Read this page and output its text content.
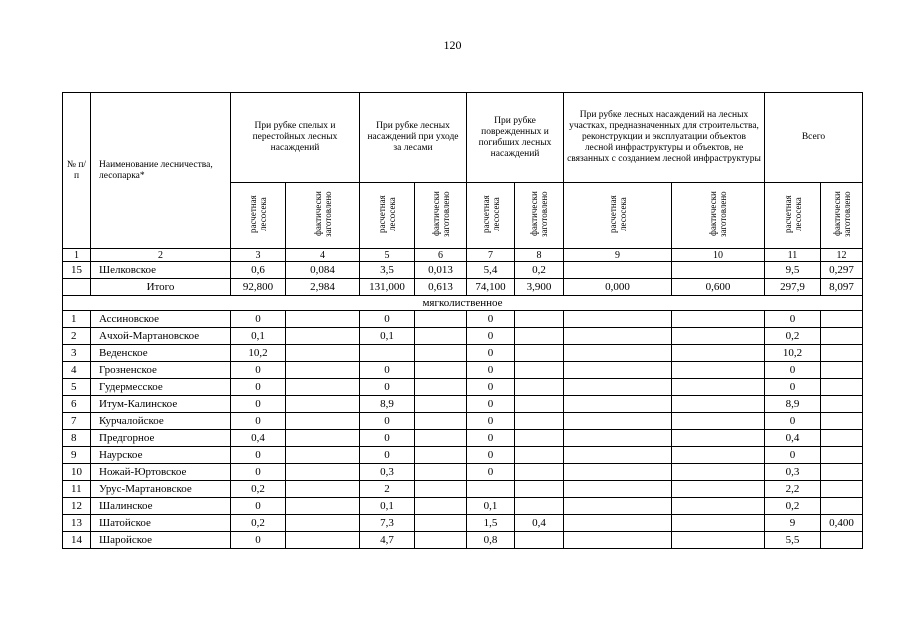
120
№ п/п	Наименование лесничества, лесопарка*	При рубке спелых и перестойных лесных насаждений		При рубке лесных насаждений при уходе за лесами		При рубке поврежденных и погибших лесных насаждений		При рубке лесных насаждений на лесных участках, предназначенных для строительства, реконструкции и эксплуатации объектов лесной инфраструктуры и объектов, не связанных с созданием лесной инфраструктуры		Всего	
		расчетная лесосека	фактически заготовлено	расчетная лесосека	фактически заготовлено	расчетная лесосека	фактически заготовлено	расчетная лесосека	фактически заготовлено	расчетная лесосека	фактически заготовлено
1	2	3	4	5	6	7	8	9	10	11	12
15	Шелковское	0,6	0,084	3,5	0,013	5,4	0,2			9,5	0,297
	Итого	92,800	2,984	131,000	0,613	74,100	3,900	0,000	0,600	297,9	8,097
мягколиственное											
1	Ассиновское	0		0		0				0	
2	Ачхой-Мартановское	0,1		0,1		0				0,2	
3	Веденское	10,2				0				10,2	
4	Грозненское	0		0		0				0	
5	Гудермесское	0		0		0				0	
6	Итум-Калинское	0		8,9		0				8,9	
7	Курчалойское	0		0		0				0	
8	Предгорное	0,4		0		0				0,4	
9	Наурское	0		0		0				0	
10	Ножай-Юртовское	0		0,3		0				0,3	
11	Урус-Мартановское	0,2		2						2,2	
12	Шалинское	0		0,1		0,1				0,2	
13	Шатойское	0,2		7,3		1,5	0,4			9	0,400
14	Шаройское	0		4,7		0,8				5,5	
